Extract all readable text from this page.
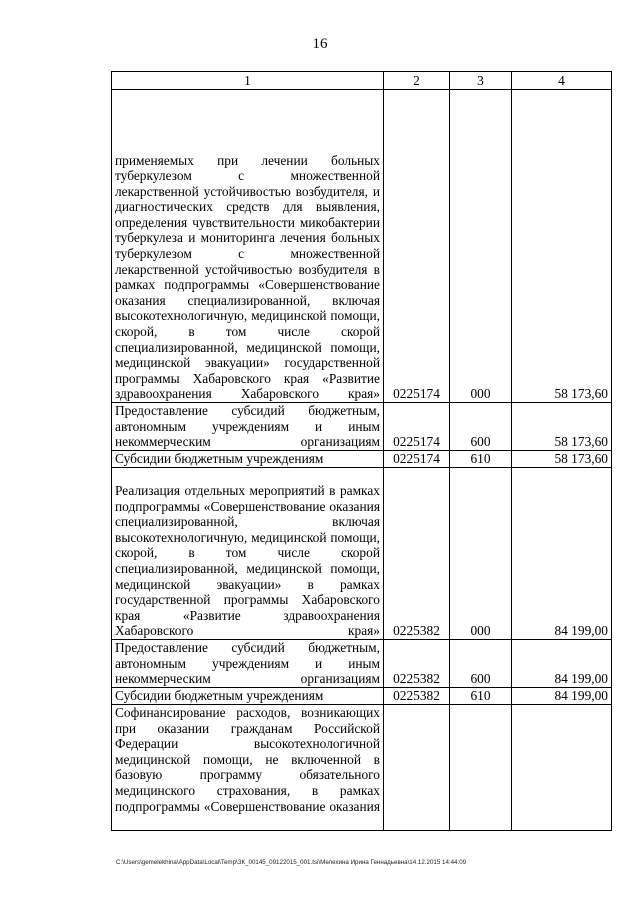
16
1	2	3	4
применяемых при лечении больных туберкулезом с множественной лекарственной устойчивостью возбудителя, и диагностических средств для выявления, определения чувствительности микобактерии туберкулеза и мониторинга лечения больных туберкулезом с множественной лекарственной устойчивостью возбудителя в рамках подпрограммы «Совершенствование оказания специализированной, включая высокотехнологичную, медицинской помощи, скорой, в том числе скорой специализированной, медицинской помощи, медицинской эвакуации» государственной программы Хабаровского края «Развитие здравоохранения Хабаровского края»	0225174	000	58 173,60
Предоставление субсидий бюджетным, автономным учреждениям и иным некоммерческим организациям	0225174	600	58 173,60
Субсидии бюджетным учреждениям	0225174	610	58 173,60
Реализация отдельных мероприятий в рамках подпрограммы «Совершенствование оказания специализированной, включая высокотехнологичную, медицинской помощи, скорой, в том числе скорой специализированной, медицинской помощи, медицинской эвакуации» в рамках государственной программы Хабаровского края «Развитие здравоохранения Хабаровского края»	0225382	000	84 199,00
Предоставление субсидий бюджетным, автономным учреждениям и иным некоммерческим организациям	0225382	600	84 199,00
Субсидии бюджетным учреждениям	0225382	610	84 199,00
Софинансирование расходов, возникающих при оказании гражданам Российской Федерации высокотехнологичной медицинской помощи, не включенной в базовую программу обязательного медицинского страхования, в рамках подпрограммы «Совершенствование оказания			
C:\Users\gemelekhina\AppData\Local\Temp\ЗК_00145_09122015_001.tsi\Мелехина Ирина Геннадьевна\14.12.2015 14:44:09
